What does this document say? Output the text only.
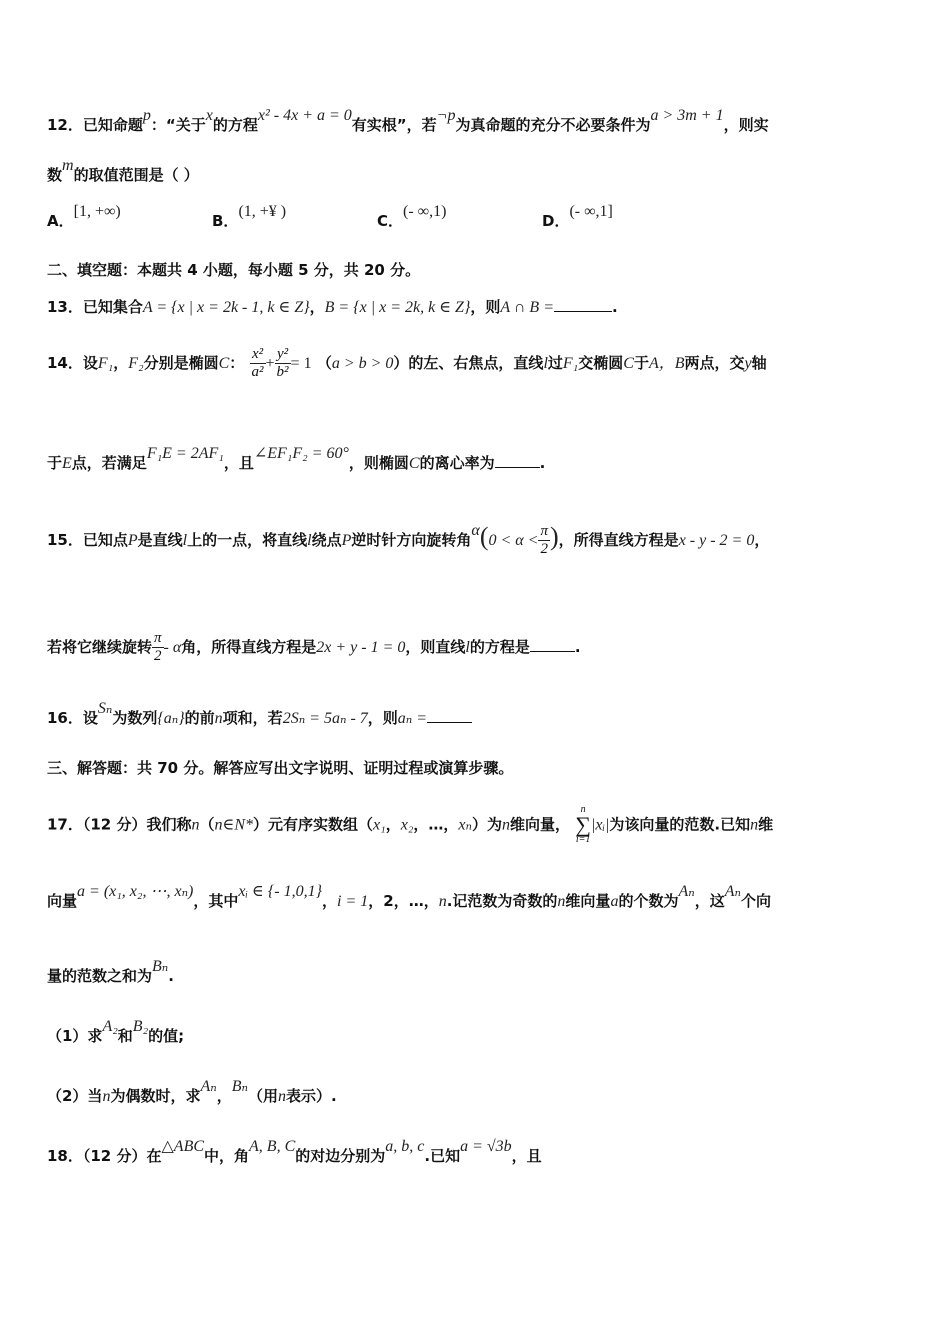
12．已知命题p：“关于x的方程x² - 4x + a = 0有实根”，若¬p为真命题的充分不必要条件为a > 3m + 1，则实
数m的取值范围是（ ）
A．[1, +∞)
B．(1, +¥ )
C．(- ∞,1)
D．(- ∞,1]
二、填空题：本题共 4 小题，每小题 5 分，共 20 分。
13．已知集合A = {x | x = 2k - 1, k ∈ Z}，B = {x | x = 2k, k ∈ Z}，则A ∩ B =	.
14．设F₁，F₂分别是椭圆C： $\frac{\text{x²}}{\text{a²}} + \frac{\text{y²}}{\text{b²}} = 1$ （a > b > 0）的左、右焦点，直线l过F₁交椭圆C于A，B两点，交y轴
于E点，若满足F₁E = 2AF₁，且∠EF₁F₂ = 60°，则椭圆C的离心率为	.
15．已知点P是直线l上的一点，将直线l绕点P逆时针方向旋转角$\alpha(0 < \alpha < \frac{\pi}{2}$ )，所得直线方程是x - y - 2 = 0，
若将它继续旋转 $\frac{\pi}{2}$ - α角，所得直线方程是2x + y - 1 = 0，则直线l的方程是	.
16．设Sₙ为数列{aₙ}的前n项和，若2Sₙ = 5aₙ - 7，则aₙ =
三、解答题：共 70 分。解答应写出文字说明、证明过程或演算步骤。
17．（12 分）我们称n（n∈N*）元有序实数组（x₁，x₂，…，xₙ）为n维向量，
n
∑
i=1
|xᵢ|为该向量的范数.已知n维
向量a = (x₁, x₂, ⋯, xₙ)，其中xᵢ ∈ {- 1,0,1}，i = 1，2，…，n.记范数为奇数的n维向量a的个数为Aₙ，这Aₙ个向
量的范数之和为Bₙ.
（1）求A₂和B₂的值;
（2）当n为偶数时，求Aₙ，Bₙ（用n表示）.
18．（12 分）在△ABC中，角A, B, C的对边分别为a, b, c.已知a = √3b，且
